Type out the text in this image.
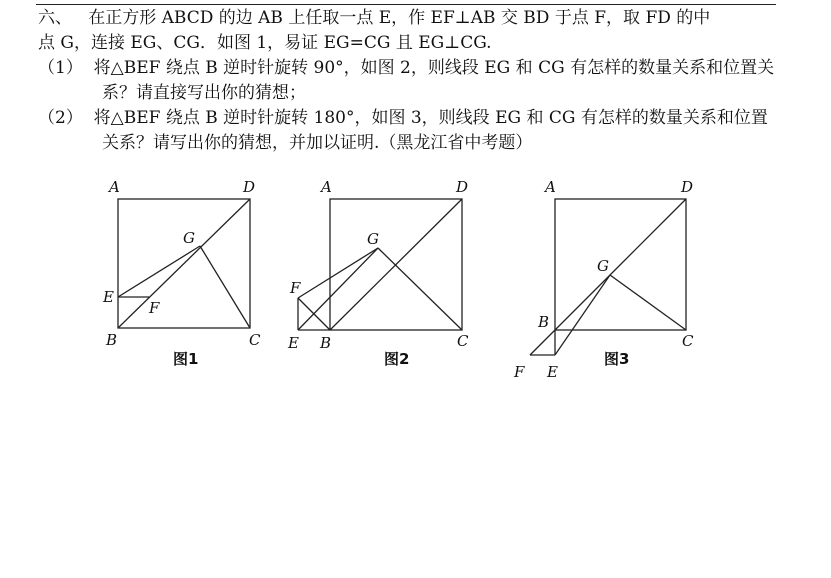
六、 在正方形 ABCD 的边 AB 上任取一点 E，作 EF⊥AB 交 BD 于点 F，取 FD 的中
点 G，连接 EG、CG．如图 1，易证 EG=CG 且 EG⊥CG.
（1） 将△BEF 绕点 B 逆时针旋转 90°，如图 2，则线段 EG 和 CG 有怎样的数量关系和位置关系？请直接写出你的猜想；
（2） 将△BEF 绕点 B 逆时针旋转 180°，如图 3，则线段 EG 和 CG 有怎样的数量关系和位置关系？请写出你的猜想，并加以证明.（黑龙江省中考题）
A	D
G
E
F
B	C
图1
A	D
G
F
E B	C
图2
A	D
G
B
C
F E
图3
